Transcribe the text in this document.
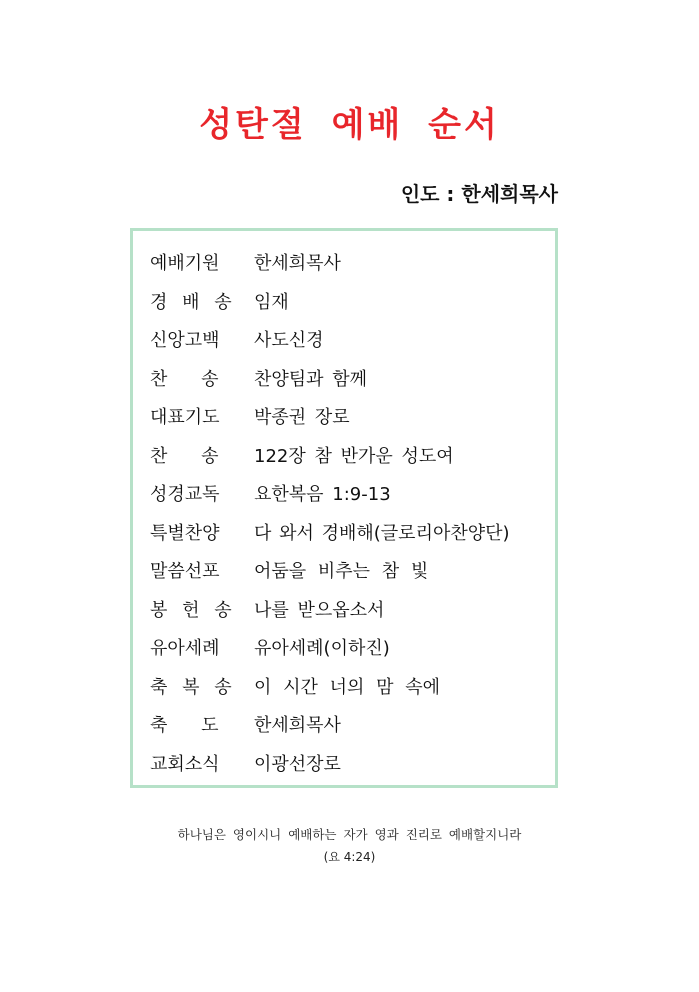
성탄절 예배 순서
인도 : 한세희목사
예배기원	한세희목사
경 배 송	임재
신앙고백	사도신경
찬 송	찬양팀과 함께
대표기도	박종권 장로
찬 송	122장 참 반가운 성도여
성경교독	요한복음 1:9-13
특별찬양	다 와서 경배해(글로리아찬양단)
말씀선포	어둠을 비추는 참 빛
봉 헌 송	나를 받으옵소서
유아세례	유아세례(이하진)
축 복 송	이 시간 너의 맘 속에
축 도	한세희목사
교회소식	이광선장로
하나님은 영이시니 예배하는 자가 영과 진리로 예배할지니라
(요 4:24)
